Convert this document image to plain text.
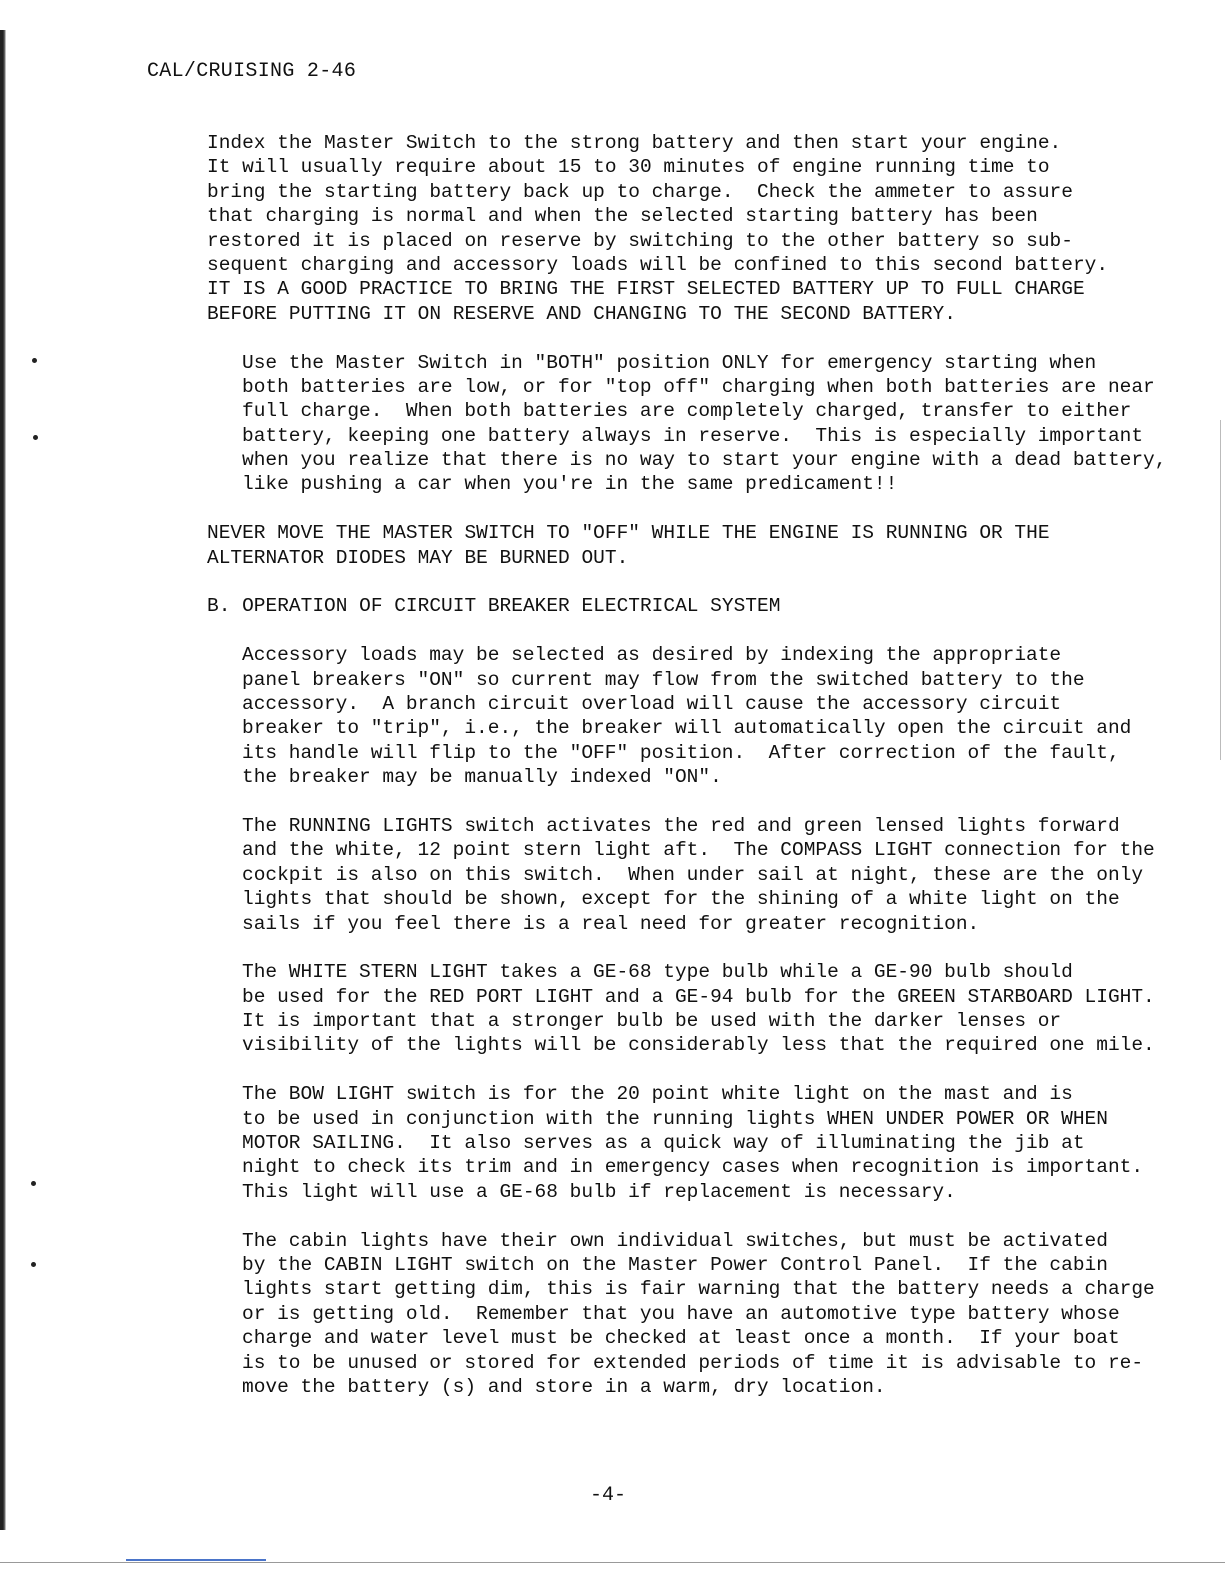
CAL/CRUISING 2-46
Index the Master Switch to the strong battery and then start your engine.
It will usually require about 15 to 30 minutes of engine running time to
bring the starting battery back up to charge.  Check the ammeter to assure
that charging is normal and when the selected starting battery has been
restored it is placed on reserve by switching to the other battery so sub-
sequent charging and accessory loads will be confined to this second battery.
IT IS A GOOD PRACTICE TO BRING THE FIRST SELECTED BATTERY UP TO FULL CHARGE
BEFORE PUTTING IT ON RESERVE AND CHANGING TO THE SECOND BATTERY.
Use the Master Switch in "BOTH" position ONLY for emergency starting when
both batteries are low, or for "top off" charging when both batteries are near
full charge.  When both batteries are completely charged, transfer to either
battery, keeping one battery always in reserve.  This is especially important
when you realize that there is no way to start your engine with a dead battery,
like pushing a car when you're in the same predicament!!
NEVER MOVE THE MASTER SWITCH TO "OFF" WHILE THE ENGINE IS RUNNING OR THE
ALTERNATOR DIODES MAY BE BURNED OUT.
B. OPERATION OF CIRCUIT BREAKER ELECTRICAL SYSTEM
Accessory loads may be selected as desired by indexing the appropriate
panel breakers "ON" so current may flow from the switched battery to the
accessory.  A branch circuit overload will cause the accessory circuit
breaker to "trip", i.e., the breaker will automatically open the circuit and
its handle will flip to the "OFF" position.  After correction of the fault,
the breaker may be manually indexed "ON".
The RUNNING LIGHTS switch activates the red and green lensed lights forward
and the white, 12 point stern light aft.  The COMPASS LIGHT connection for the
cockpit is also on this switch.  When under sail at night, these are the only
lights that should be shown, except for the shining of a white light on the
sails if you feel there is a real need for greater recognition.
The WHITE STERN LIGHT takes a GE-68 type bulb while a GE-90 bulb should
be used for the RED PORT LIGHT and a GE-94 bulb for the GREEN STARBOARD LIGHT.
It is important that a stronger bulb be used with the darker lenses or
visibility of the lights will be considerably less that the required one mile.
The BOW LIGHT switch is for the 20 point white light on the mast and is
to be used in conjunction with the running lights WHEN UNDER POWER OR WHEN
MOTOR SAILING.  It also serves as a quick way of illuminating the jib at
night to check its trim and in emergency cases when recognition is important.
This light will use a GE-68 bulb if replacement is necessary.
The cabin lights have their own individual switches, but must be activated
by the CABIN LIGHT switch on the Master Power Control Panel.  If the cabin
lights start getting dim, this is fair warning that the battery needs a charge
or is getting old.  Remember that you have an automotive type battery whose
charge and water level must be checked at least once a month.  If your boat
is to be unused or stored for extended periods of time it is advisable to re-
move the battery (s) and store in a warm, dry location.
-4-
